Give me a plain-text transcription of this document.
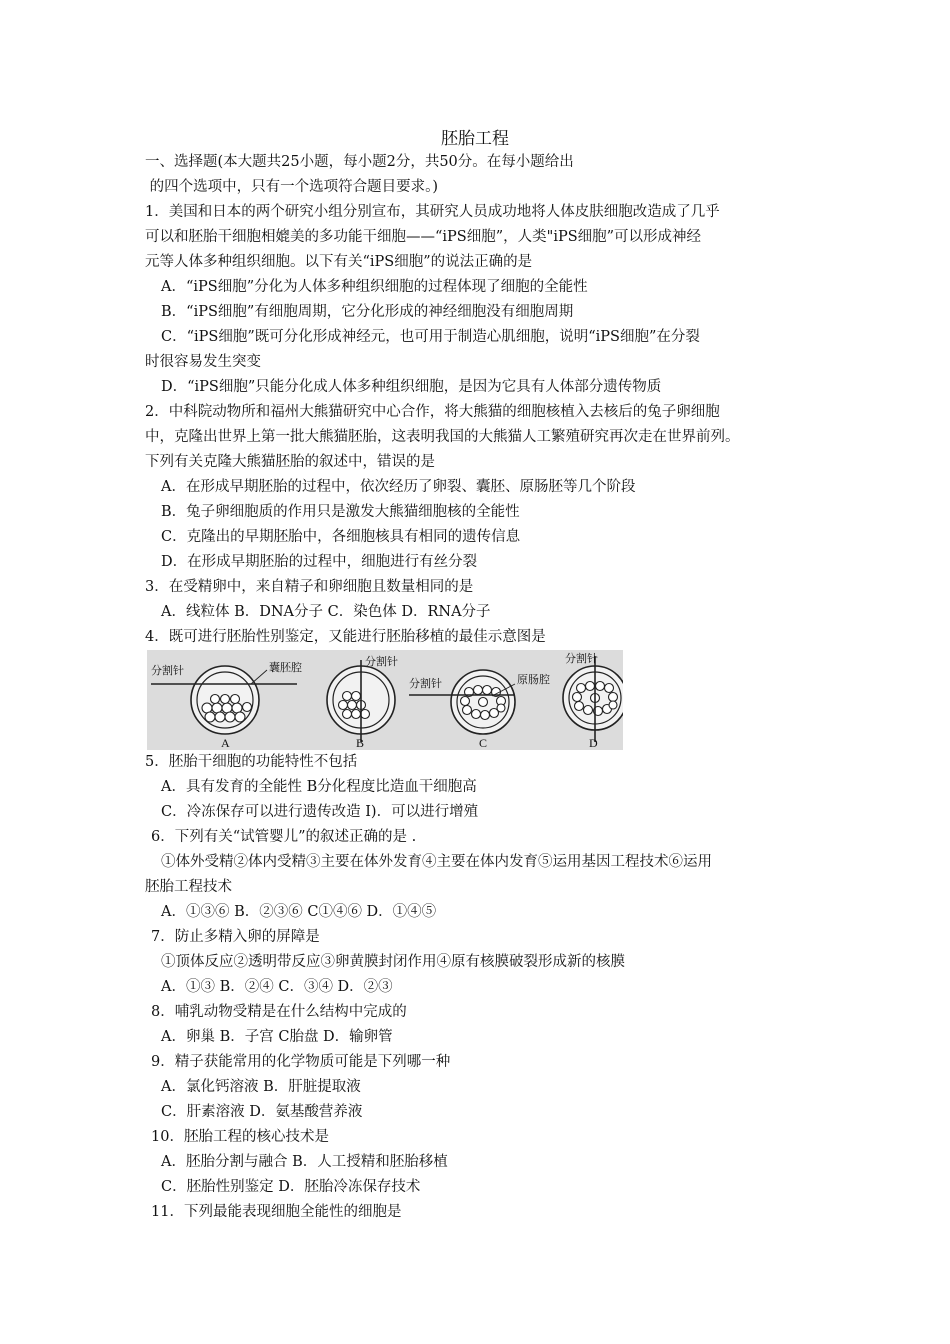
胚胎工程
一、选择题(本大题共25小题，每小题2分，共50分。在每小题给出
的四个选项中，只有一个选项符合题目要求。)
1．美国和日本的两个研究小组分别宣布，其研究人员成功地将人体皮肤细胞改造成了几乎
可以和胚胎干细胞相媲美的多功能干细胞——“iPS细胞”，人类"iPS细胞”可以形成神经
元等人体多种组织细胞。以下有关“iPS细胞”的说法正确的是
A．“iPS细胞”分化为人体多种组织细胞的过程体现了细胞的全能性
B．“iPS细胞”有细胞周期，它分化形成的神经细胞没有细胞周期
C．“iPS细胞”既可分化形成神经元，也可用于制造心肌细胞，说明“iPS细胞”在分裂
时很容易发生突变
D．“iPS细胞”只能分化成人体多种组织细胞，是因为它具有人体部分遗传物质
2．中科院动物所和福州大熊猫研究中心合作，将大熊猫的细胞核植入去核后的兔子卵细胞
中，克隆出世界上第一批大熊猫胚胎，这表明我国的大熊猫人工繁殖研究再次走在世界前列。
下列有关克隆大熊猫胚胎的叙述中，错误的是
A．在形成早期胚胎的过程中，依次经历了卵裂、囊胚、原肠胚等几个阶段
B．兔子卵细胞质的作用只是激发大熊猫细胞核的全能性
C．克隆出的早期胚胎中，各细胞核具有相同的遗传信息
D．在形成早期胚胎的过程中，细胞进行有丝分裂
3．在受精卵中，来自精子和卵细胞且数量相同的是
A．线粒体 B．DNA分子 C．染色体 D．RNA分子
4．既可进行胚胎性别鉴定，又能进行胚胎移植的最佳示意图是
分割针	囊胚腔
A
分割针
B
分割针	原肠腔
C
分割针
D
5．胚胎干细胞的功能特性不包括
A．具有发育的全能性 B分化程度比造血干细胞高
C．冷冻保存可以进行遗传改造 I)．可以进行增殖
6．下列有关“试管婴儿”的叙述正确的是 .
①体外受精②体内受精③主要在体外发育④主要在体内发育⑤运用基因工程技术⑥运用
胚胎工程技术
A．①③⑥ B．②③⑥ C①④⑥ D．①④⑤
7．防止多精入卵的屏障是
①顶体反应②透明带反应③卵黄膜封闭作用④原有核膜破裂形成新的核膜
A．①③ B．②④ C．③④ D．②③
8．哺乳动物受精是在什么结构中完成的
A．卵巢 B．子宫 C胎盘 D．输卵管
9．精子获能常用的化学物质可能是下列哪一种
A．氯化钙溶液 B．肝脏提取液
C．肝素溶液 D．氨基酸营养液
10．胚胎工程的核心技术是
A．胚胎分割与融合 B．人工授精和胚胎移植
C．胚胎性别鉴定 D．胚胎冷冻保存技术
11．下列最能表现细胞全能性的细胞是
